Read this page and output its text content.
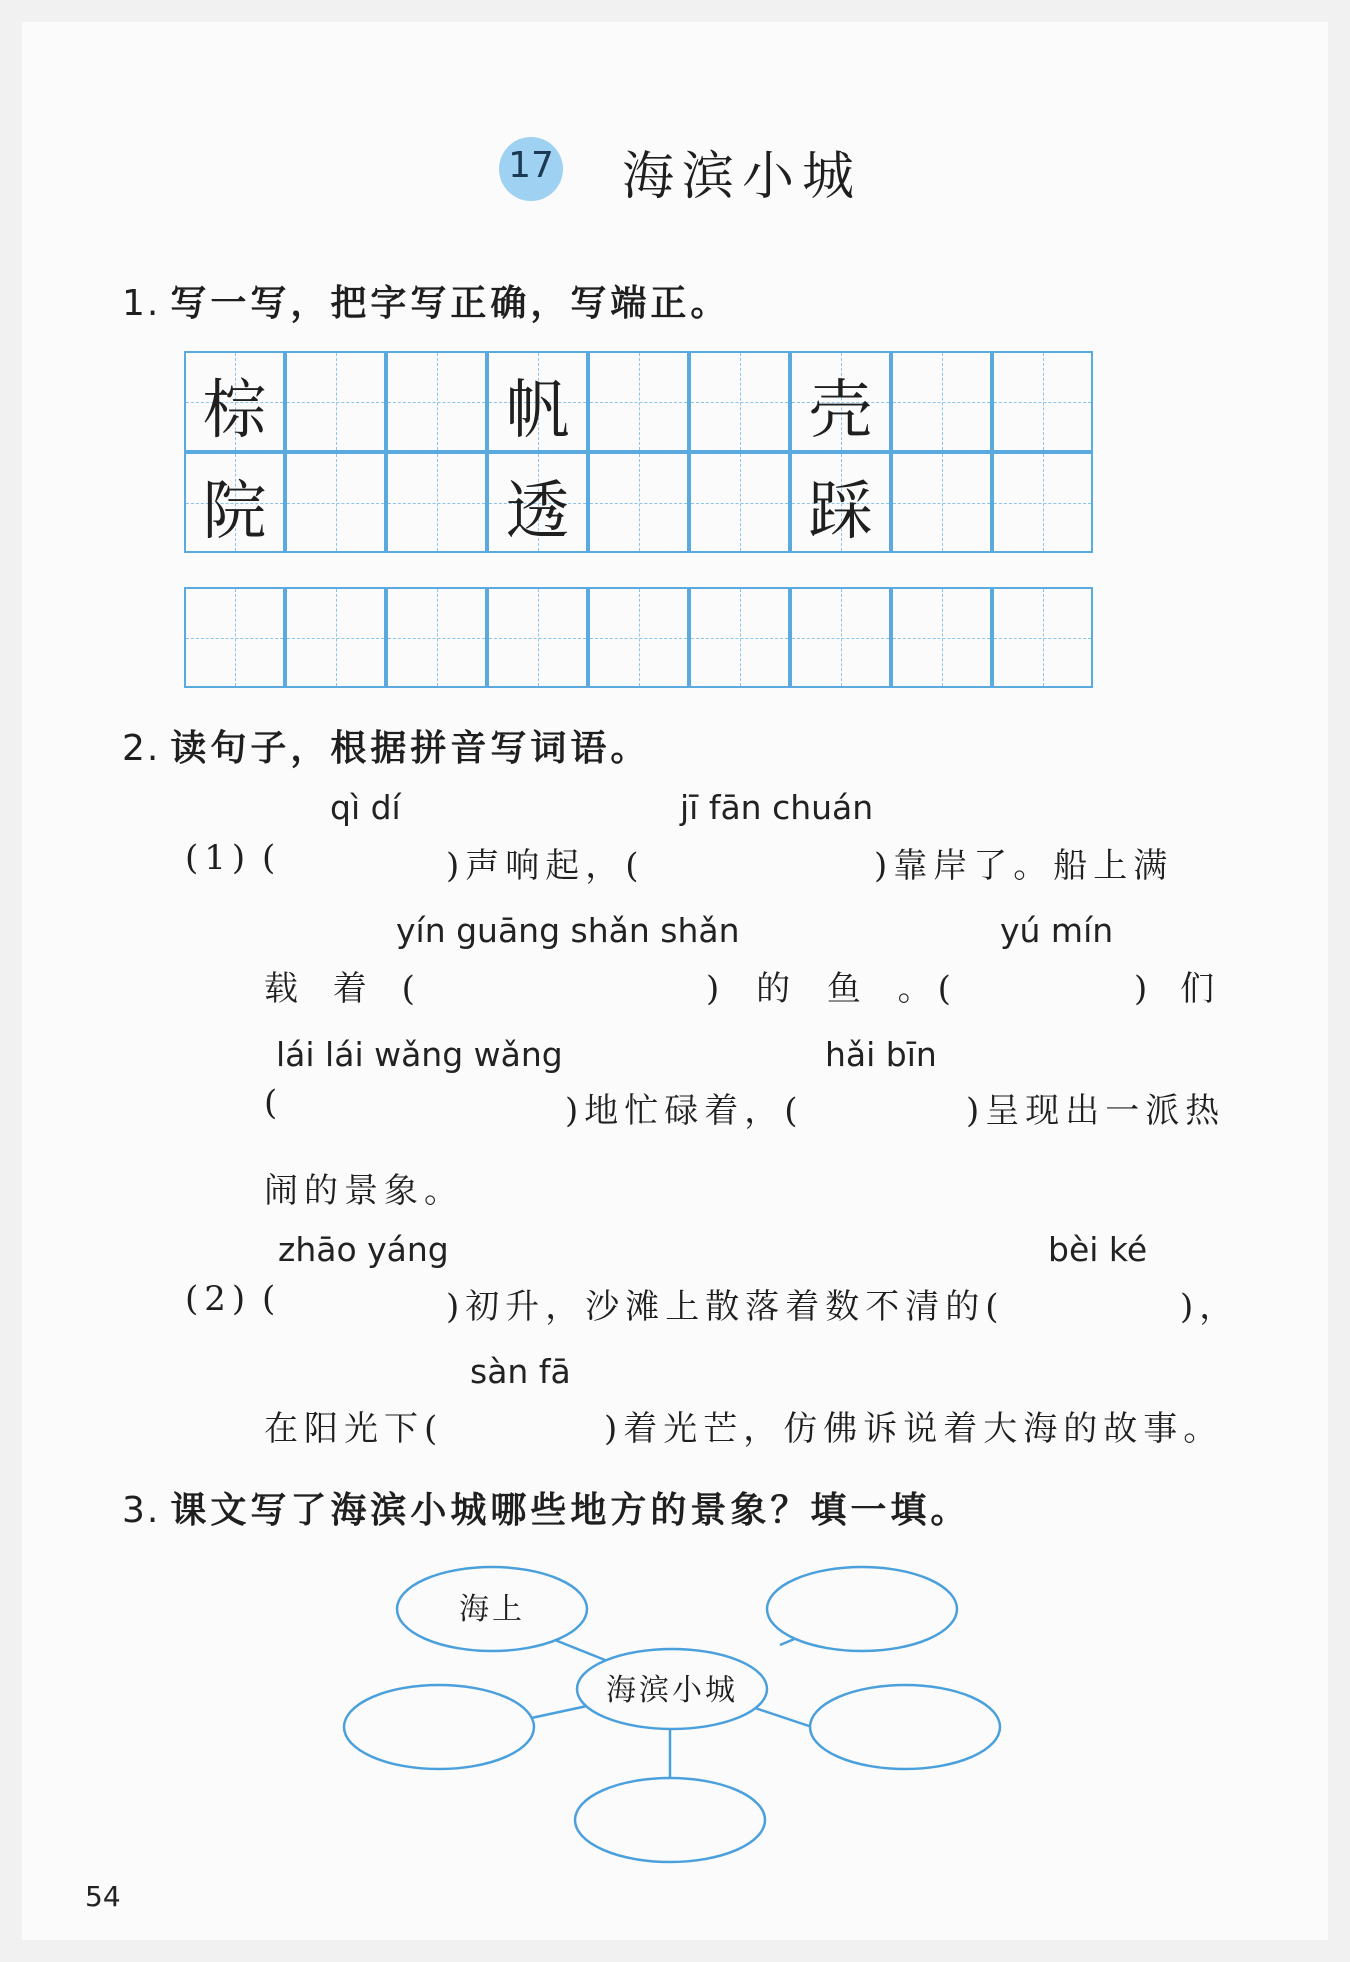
17 海滨小城
1. 写一写，把字写正确，写端正。
棕	帆	壳
院	透	踩
2. 读句子，根据拼音写词语。
qì dí	jī fān chuán
(1) (	)声响起，(	)靠岸了。船上满
yín guāng shǎn shǎn	yú mín
载 着 (	) 的 鱼 。(	) 们
lái lái wǎng wǎng	hǎi bīn
(	)地忙碌着，(	)呈现出一派热
闹的景象。
zhāo yáng	bèi ké
(2) (	)初升，沙滩上散落着数不清的(	)，
sàn fā
在阳光下(	)着光芒，仿佛诉说着大海的故事。
3. 课文写了海滨小城哪些地方的景象？填一填。
海滨小城
海上
54
